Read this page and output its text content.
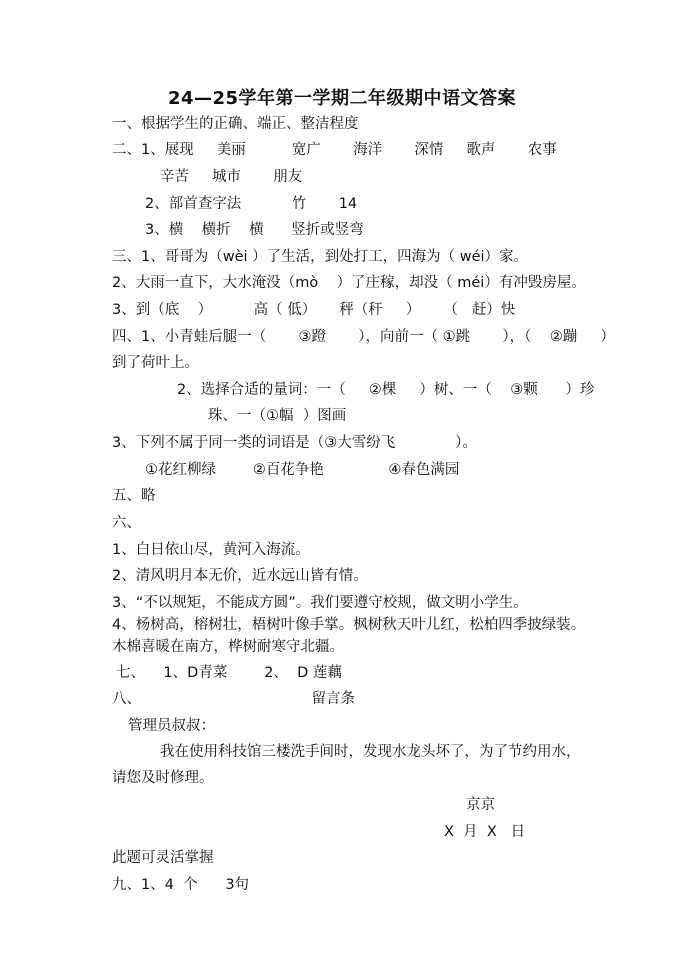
24—25学年第一学期二年级期中语文答案
一、根据学生的正确、端正、整洁程度
二、1、展现     美丽          宽广       海洋       深情     歌声       农事
辛苦     城市       朋友
2、部首查字法           竹       14
3、横    横折    横      竖折或竖弯
三、1、哥哥为（wèi ）了生活，到处打工，四海为（ wéi）家。
2、大雨一直下，大水淹没（mò    ）了庄稼，却没（ méi）有冲毁房屋。
3、到（底    ）         高（ 低）     秤（秆     ）     （   赶）快
四、1、小青蛙后腿一（       ③蹬       ），向前一（ ①跳       ），（    ②蹦     ）
到了荷叶上。
2、选择合适的量词：一（     ②棵     ）树、一（    ③颗      ）珍
珠、一（①幅  ）图画
3、下列不属于同一类的词语是（③大雪纷飞             ）。
①花红柳绿        ②百花争艳              ④春色满园
五、略
六、
1、白日依山尽，黄河入海流。
2、清风明月本无价，近水远山皆有情。
3、“不以规矩，不能成方圆”。我们要遵守校规，做文明小学生。
4、杨树高，榕树壮，梧树叶像手掌。枫树秋天叶儿红，松柏四季披绿装。
木棉喜暖在南方，桦树耐寒守北疆。
七、    1、D青菜        2、  D 莲藕
八、                                     留言条
管理员叔叔：
我在使用科技馆三楼洗手间时，发现水龙头坏了，为了节约用水，
请您及时修理。
京京
X  月  X   日
此题可灵活掌握
九、1、4  个      3句
